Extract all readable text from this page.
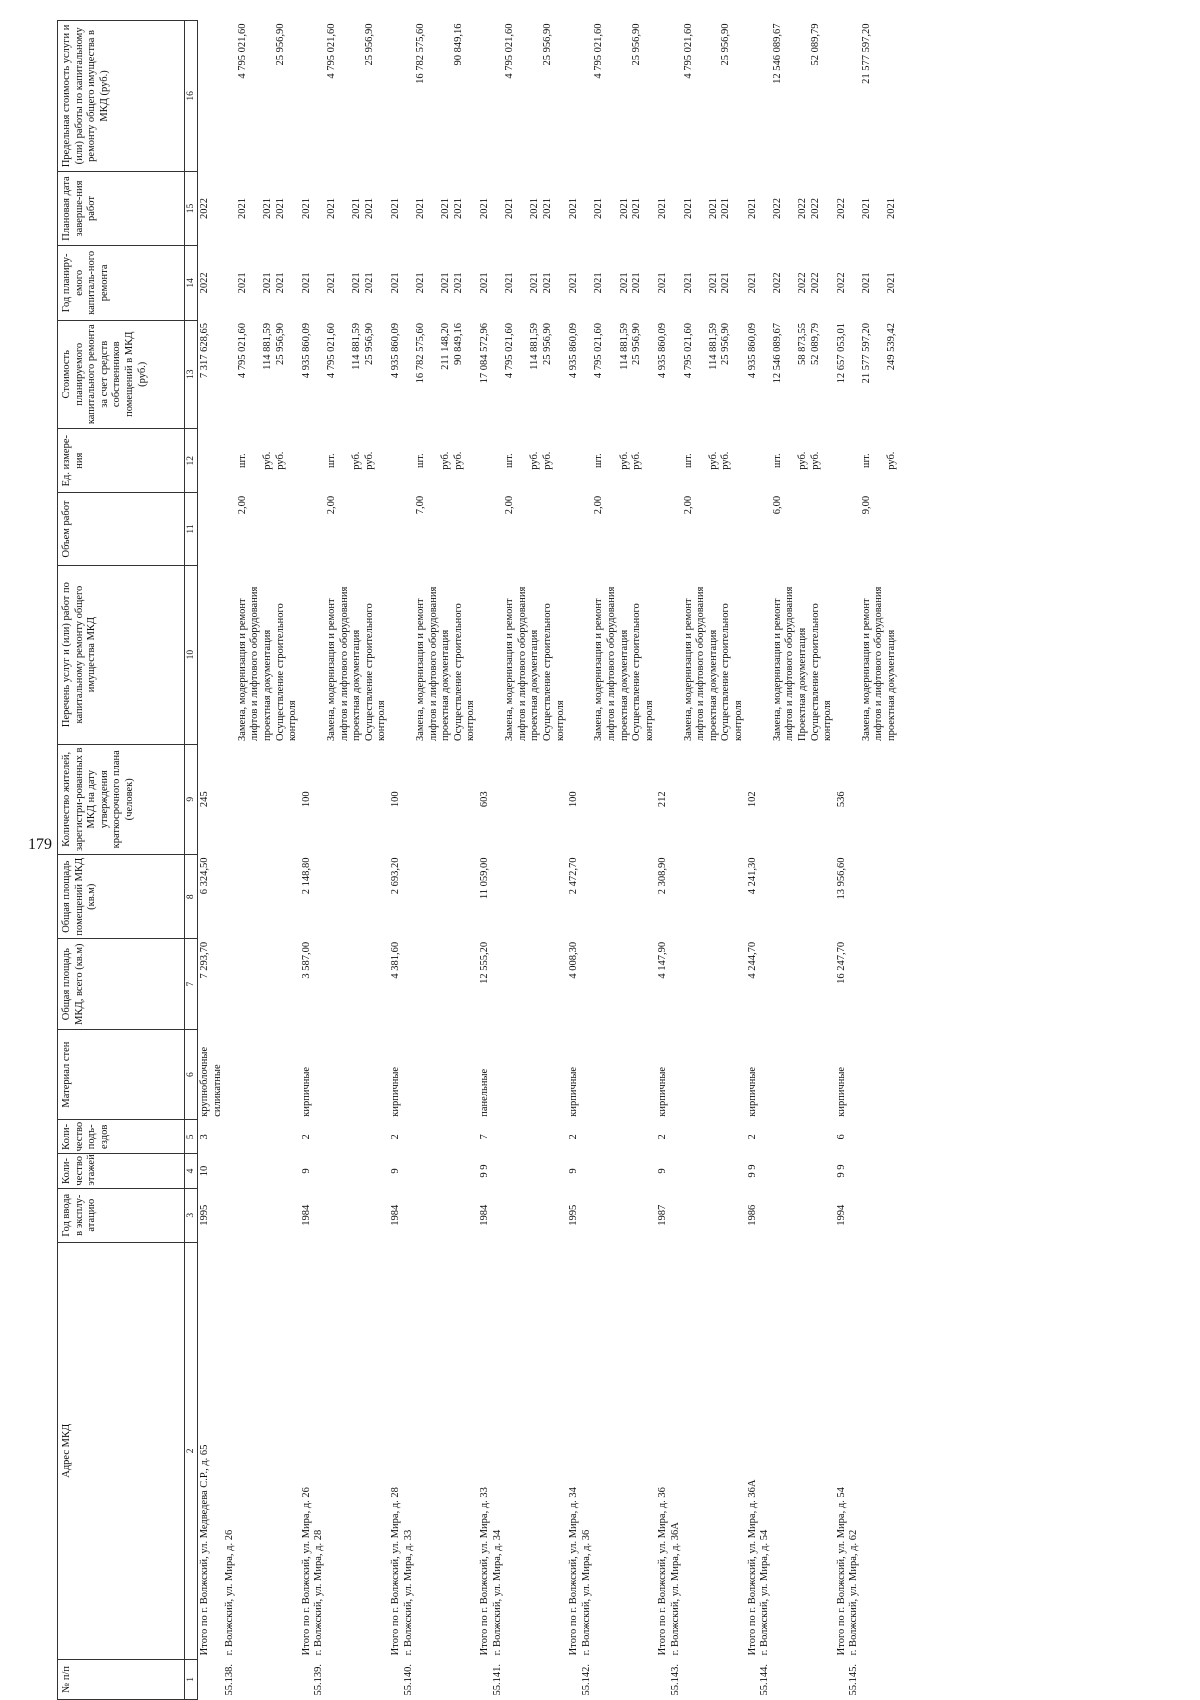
179
№ п/п	Адрес МКД	Год ввода в эксплу-атацию	Коли-чество этажей	Коли-чество подъ-ездов	Материал стен	Общая площадь МКД, всего (кв.м)	Общая площадь помещений МКД (кв.м)	Количество жителей, зарегистри-рованных в МКД на дату утверждения краткосрочного плана (человек)	Перечень услуг и (или) работ по капитальному ремонту общего имущества МКД	Объем работ	Ед. измере-ния	Стоимость планируемого капитального ремонта за счет средств собственников помещений в МКД (руб.)	Год планиру-емого капиталь-ного ремонта	Плановая дата заверше-ния работ	Предельная стоимость услуги и (или) работы по капитальному ремонту общего имущества в МКД (руб.)
1	2	3	4	5	6	7	8	9	10	11	12	13	14	15	16
	Итого по г. Волжский, ул. Медведева С.Р., д. 65	1995	10	3	крупноблочные силикатные	7 293,70	6 324,50	245				7 317 628,65	2022	2022	
55.138.	г. Волжский, ул. Мира, д. 26														
									Замена, модернизация и ремонт лифтов и лифтового оборудования	2,00	шт.	4 795 021,60	2021	2021	4 795 021,60
									проектная документация		руб.	114 881,59	2021	2021	
									Осуществление строительного контроля		руб.	25 956,90	2021	2021	25 956,90
	Итого по г. Волжский, ул. Мира, д. 26	1984	9	2	кирпичные	3 587,00	2 148,80	100				4 935 860,09	2021	2021	
55.139.	г. Волжский, ул. Мира, д. 28														
									Замена, модернизация и ремонт лифтов и лифтового оборудования	2,00	шт.	4 795 021,60	2021	2021	4 795 021,60
									проектная документация		руб.	114 881,59	2021	2021	
									Осуществление строительного контроля		руб.	25 956,90	2021	2021	25 956,90
	Итого по г. Волжский, ул. Мира, д. 28	1984	9	2	кирпичные	4 381,60	2 693,20	100				4 935 860,09	2021	2021	
55.140.	г. Волжский, ул. Мира, д. 33														
									Замена, модернизация и ремонт лифтов и лифтового оборудования	7,00	шт.	16 782 575,60	2021	2021	16 782 575,60
									проектная документация		руб.	211 148,20	2021	2021	
									Осуществление строительного контроля		руб.	90 849,16	2021	2021	90 849,16
	Итого по г. Волжский, ул. Мира, д. 33	1984	9 9	7	панельные	12 555,20	11 059,00	603				17 084 572,96	2021	2021	
55.141.	г. Волжский, ул. Мира, д. 34														
									Замена, модернизация и ремонт лифтов и лифтового оборудования	2,00	шт.	4 795 021,60	2021	2021	4 795 021,60
									проектная документация		руб.	114 881,59	2021	2021	
									Осуществление строительного контроля		руб.	25 956,90	2021	2021	25 956,90
	Итого по г. Волжский, ул. Мира, д. 34	1995	9	2	кирпичные	4 008,30	2 472,70	100				4 935 860,09	2021	2021	
55.142.	г. Волжский, ул. Мира, д. 36														
									Замена, модернизация и ремонт лифтов и лифтового оборудования	2,00	шт.	4 795 021,60	2021	2021	4 795 021,60
									проектная документация		руб.	114 881,59	2021	2021	
									Осуществление строительного контроля		руб.	25 956,90	2021	2021	25 956,90
	Итого по г. Волжский, ул. Мира, д. 36	1987	9	2	кирпичные	4 147,90	2 308,90	212				4 935 860,09	2021	2021	
55.143.	г. Волжский, ул. Мира, д. 36А														
									Замена, модернизация и ремонт лифтов и лифтового оборудования	2,00	шт.	4 795 021,60	2021	2021	4 795 021,60
									проектная документация		руб.	114 881,59	2021	2021	
									Осуществление строительного контроля		руб.	25 956,90	2021	2021	25 956,90
	Итого по г. Волжский, ул. Мира, д. 36А	1986	9 9	2	кирпичные	4 244,70	4 241,30	102				4 935 860,09	2021	2021	
55.144.	г. Волжский, ул. Мира, д. 54														
									Замена, модернизация и ремонт лифтов и лифтового оборудования	6,00	шт.	12 546 089,67	2022	2022	12 546 089,67
									Проектная документация		руб.	58 873,55	2022	2022	
									Осуществление строительного контроля		руб.	52 089,79	2022	2022	52 089,79
	Итого по г. Волжский, ул. Мира, д. 54	1994	9 9	6	кирпичные	16 247,70	13 956,60	536				12 657 053,01	2022	2022	
55.145.	г. Волжский, ул. Мира, д. 62														
									Замена, модернизация и ремонт лифтов и лифтового оборудования	9,00	шт.	21 577 597,20	2021	2021	21 577 597,20
									проектная документация		руб.	249 539,42	2021	2021	
